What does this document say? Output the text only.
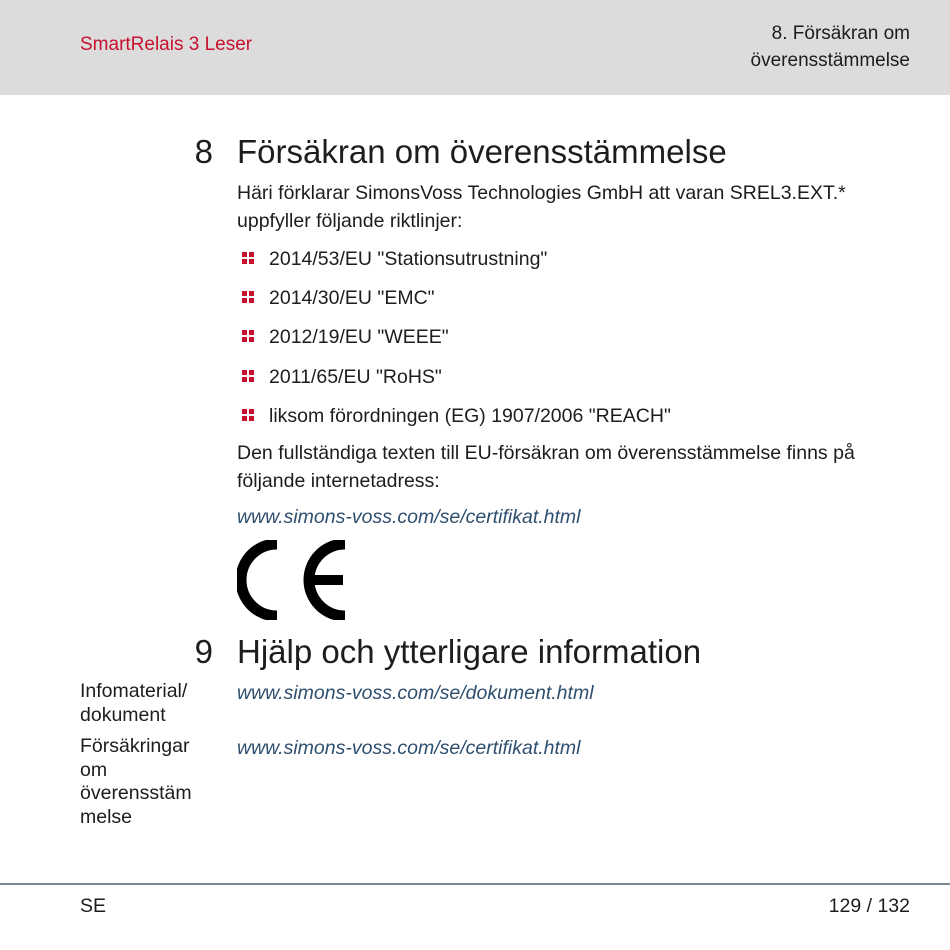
SmartRelais 3 Leser
8. Försäkran om
överensstämmelse
8 Försäkran om överensstämmelse
Häri förklarar SimonsVoss Technologies GmbH att varan SREL3.EXT.* uppfyller följande riktlinjer:
2014/53/EU "Stationsutrustning"
2014/30/EU "EMC"
2012/19/EU "WEEE"
2011/65/EU "RoHS"
liksom förordningen (EG) 1907/2006 "REACH"
Den fullständiga texten till EU-försäkran om överensstämmelse finns på följande internetadress:
www.simons-voss.com/se/certifikat.html
9 Hjälp och ytterligare information
Infomaterial/ dokument
www.simons-voss.com/se/dokument.html
Försäkringar om överensstäm melse
www.simons-voss.com/se/certifikat.html
SE	129 / 132
